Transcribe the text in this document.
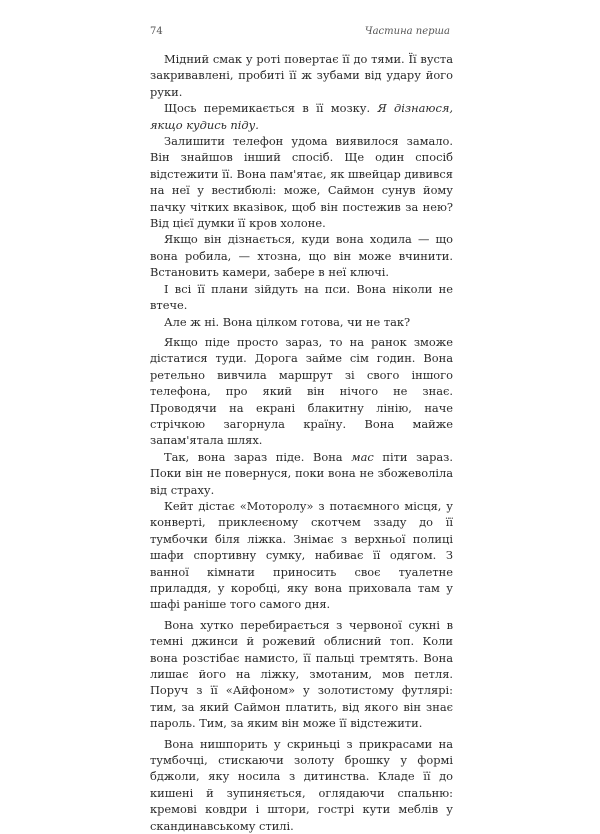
74	Частина перша

Мідний смак у роті повертає її до тями. Її вуста закривавлені, пробиті її ж зубами від удару його руки.

Щось перемикається в її мозку. Я дізнаюся, якщо кудись піду.

Залишити телефон удома виявилося замало. Він знайшов інший спосіб. Ще один спосіб відстежити її. Вона пам'ятає, як швейцар дивився на неї у вестибюлі: може, Саймон сунув йому пачку чітких вказівок, щоб він постежив за нею? Від цієї думки її кров холоне.

Якщо він дізнається, куди вона ходила — що вона робила, — хтозна, що він може вчинити. Встановить камери, забере в неї ключі.

І всі її плани зійдуть на пси. Вона ніколи не втече.

Але ж ні. Вона цілком готова, чи не так?

Якщо піде просто зараз, то на ранок зможе дістатися туди. Дорога займе сім годин. Вона ретельно вивчила маршрут зі свого іншого телефона, про який він нічого не знає. Проводячи на екрані блакитну лінію, наче стрічкою загорнула країну. Вона майже запам'ятала шлях.

Так, вона зараз піде. Вона мас піти зараз. Поки він не повернуся, поки вона не збожеволіла від страху.

Кейт дістає «Моторолу» з потаємного місця, у конверті, приклеєному скотчем ззаду до її тумбочки біля ліжка. Знімає з верхньої полиці шафи спортивну сумку, набиває її одягом. З ванної кімнати приносить своє туалетне приладдя, у коробці, яку вона приховала там у шафі раніше того самого дня.

Вона хутко перебирається з червоної сукні в темні джинси й рожевий облисний топ. Коли вона розстібає намисто, її пальці тремтять. Вона лишає його на ліжку, змотаним, мов петля. Поруч з її «Айфоном» у золотистому футлярі: тим, за який Саймон платить, від якого він знає пароль. Тим, за яким він може її відстежити.

Вона нишпорить у скриньці з прикрасами на тумбочці, стискаючи золоту брошку у формі бджоли, яку носила з дитинства. Кладе її до кишені й зупиняється, оглядаючи спальню: кремові ковдри і штори, гострі кути меблів у скандинавському стилі.
